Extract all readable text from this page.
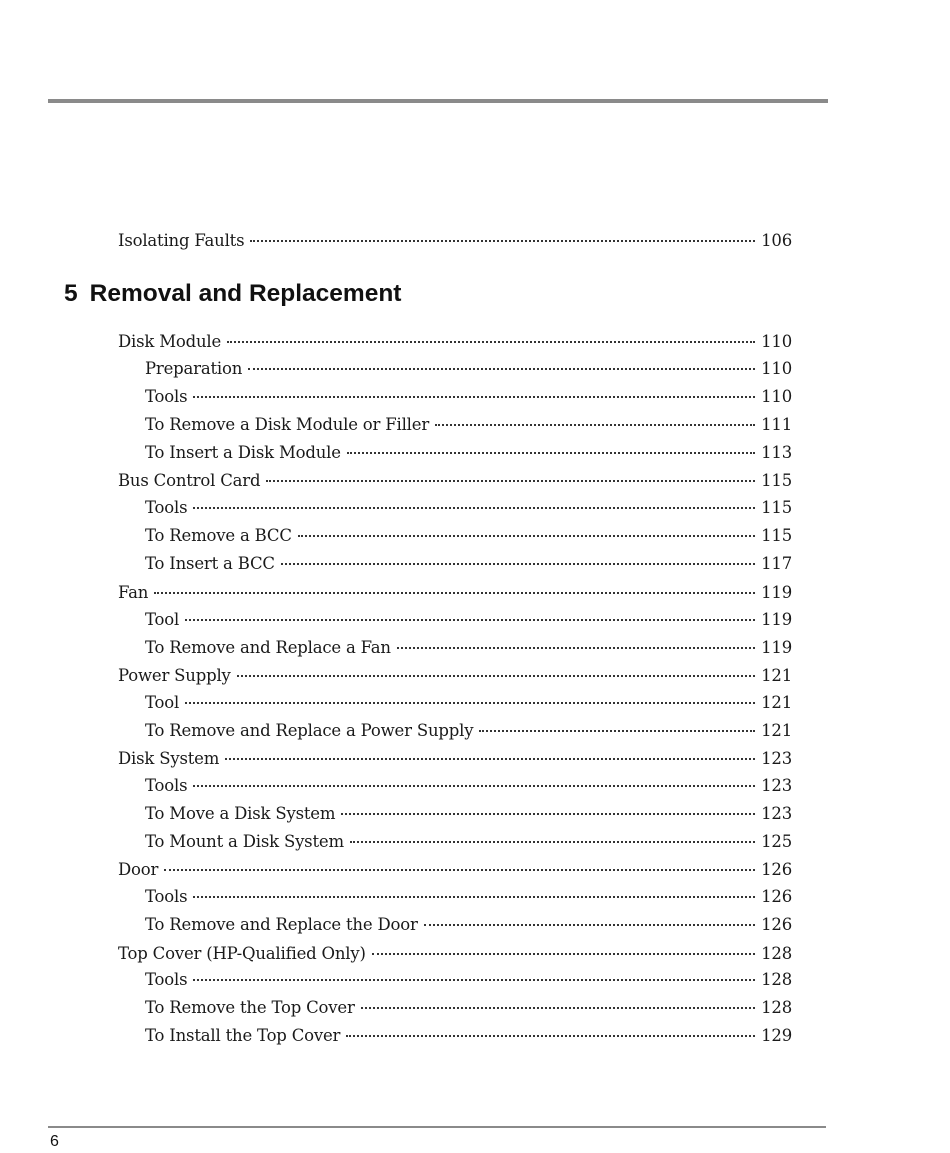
Isolating Faults	106
5 Removal and Replacement
Disk Module	110
Preparation	110
Tools	110
To Remove a Disk Module or Filler	111
To Insert a Disk Module	113
Bus Control Card	115
Tools	115
To Remove a BCC	115
To Insert a BCC	117
Fan	119
Tool	119
To Remove and Replace a Fan	119
Power Supply	121
Tool	121
To Remove and Replace a Power Supply	121
Disk System	123
Tools	123
To Move a Disk System	123
To Mount a Disk System	125
Door	126
Tools	126
To Remove and Replace the Door	126
Top Cover (HP-Qualified Only)	128
Tools	128
To Remove the Top Cover	128
To Install the Top Cover	129
6
